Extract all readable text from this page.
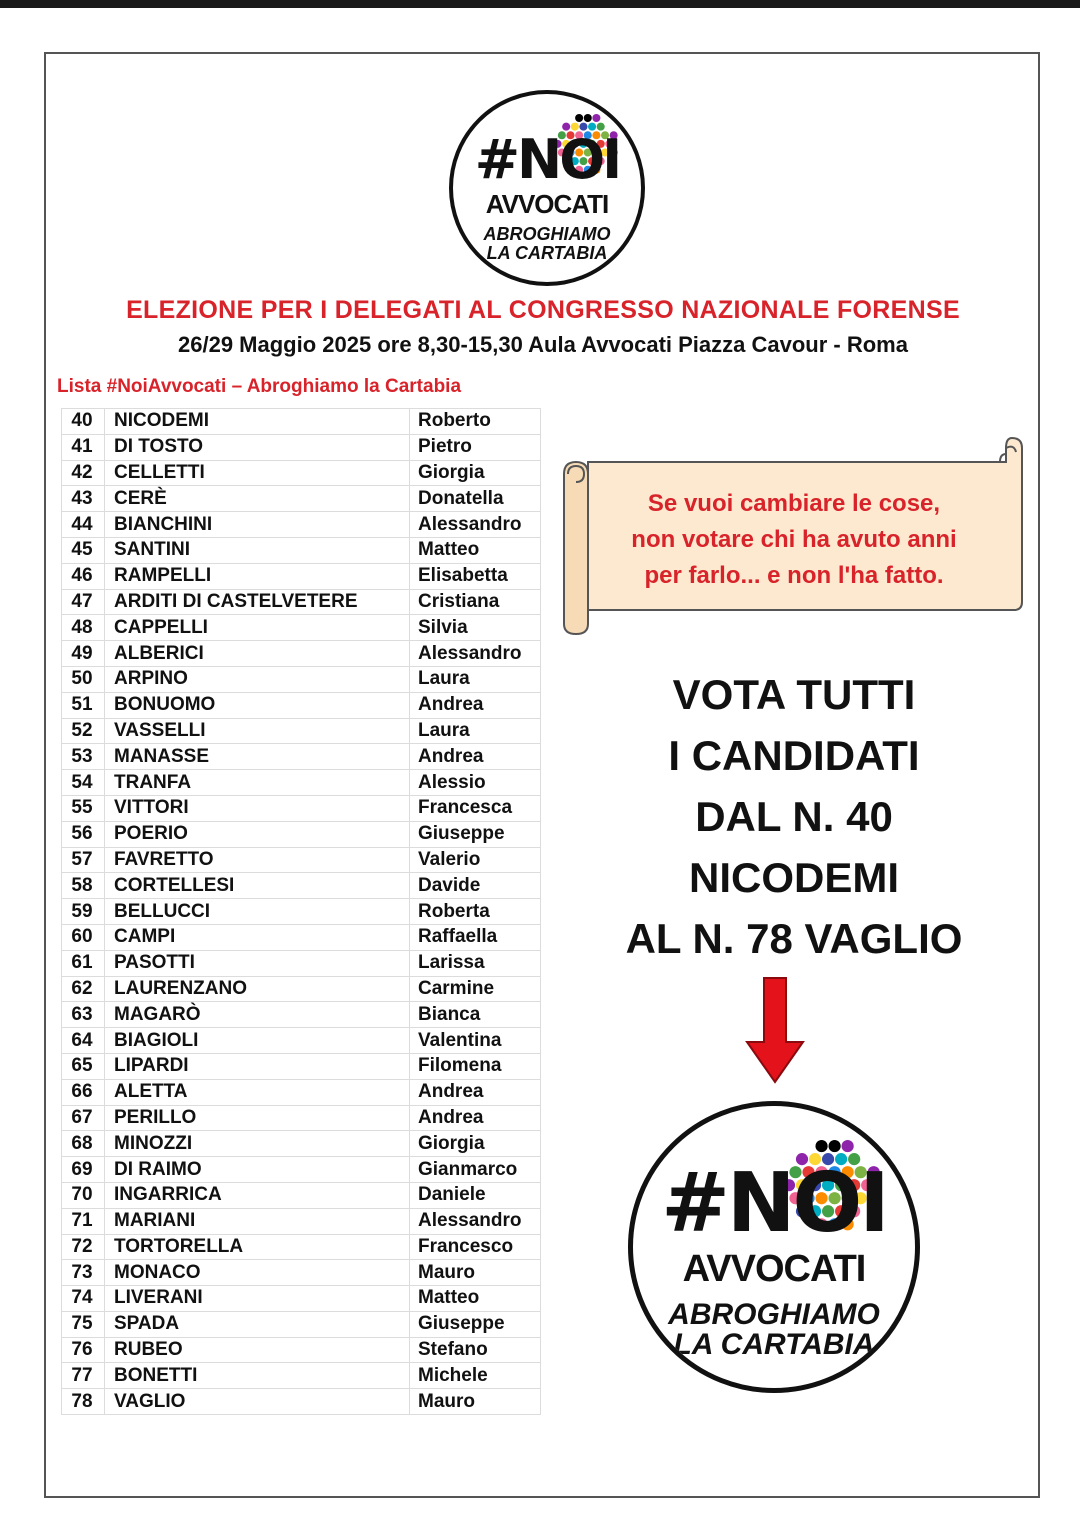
#NOI
AVVOCATI
ABROGHIAMO
LA CARTABIA
ELEZIONE PER I DELEGATI AL CONGRESSO NAZIONALE FORENSE
26/29 Maggio 2025 ore 8,30-15,30 Aula Avvocati Piazza Cavour - Roma
Lista #NoiAvvocati – Abroghiamo la Cartabia
40	NICODEMI	Roberto
41	DI TOSTO	Pietro
42	CELLETTI	Giorgia
43	CERÈ	Donatella
44	BIANCHINI	Alessandro
45	SANTINI	Matteo
46	RAMPELLI	Elisabetta
47	ARDITI DI CASTELVETERE	Cristiana
48	CAPPELLI	Silvia
49	ALBERICI	Alessandro
50	ARPINO	Laura
51	BONUOMO	Andrea
52	VASSELLI	Laura
53	MANASSE	Andrea
54	TRANFA	Alessio
55	VITTORI	Francesca
56	POERIO	Giuseppe
57	FAVRETTO	Valerio
58	CORTELLESI	Davide
59	BELLUCCI	Roberta
60	CAMPI	Raffaella
61	PASOTTI	Larissa
62	LAURENZANO	Carmine
63	MAGARÒ	Bianca
64	BIAGIOLI	Valentina
65	LIPARDI	Filomena
66	ALETTA	Andrea
67	PERILLO	Andrea
68	MINOZZI	Giorgia
69	DI RAIMO	Gianmarco
70	INGARRICA	Daniele
71	MARIANI	Alessandro
72	TORTORELLA	Francesco
73	MONACO	Mauro
74	LIVERANI	Matteo
75	SPADA	Giuseppe
76	RUBEO	Stefano
77	BONETTI	Michele
78	VAGLIO	Mauro
Se vuoi cambiare le cose,
non votare chi ha avuto anni
per farlo... e non l'ha fatto.
VOTA TUTTI
I CANDIDATI
DAL N. 40
NICODEMI
AL N. 78 VAGLIO
#NOI
AVVOCATI
ABROGHIAMO
LA CARTABIA
